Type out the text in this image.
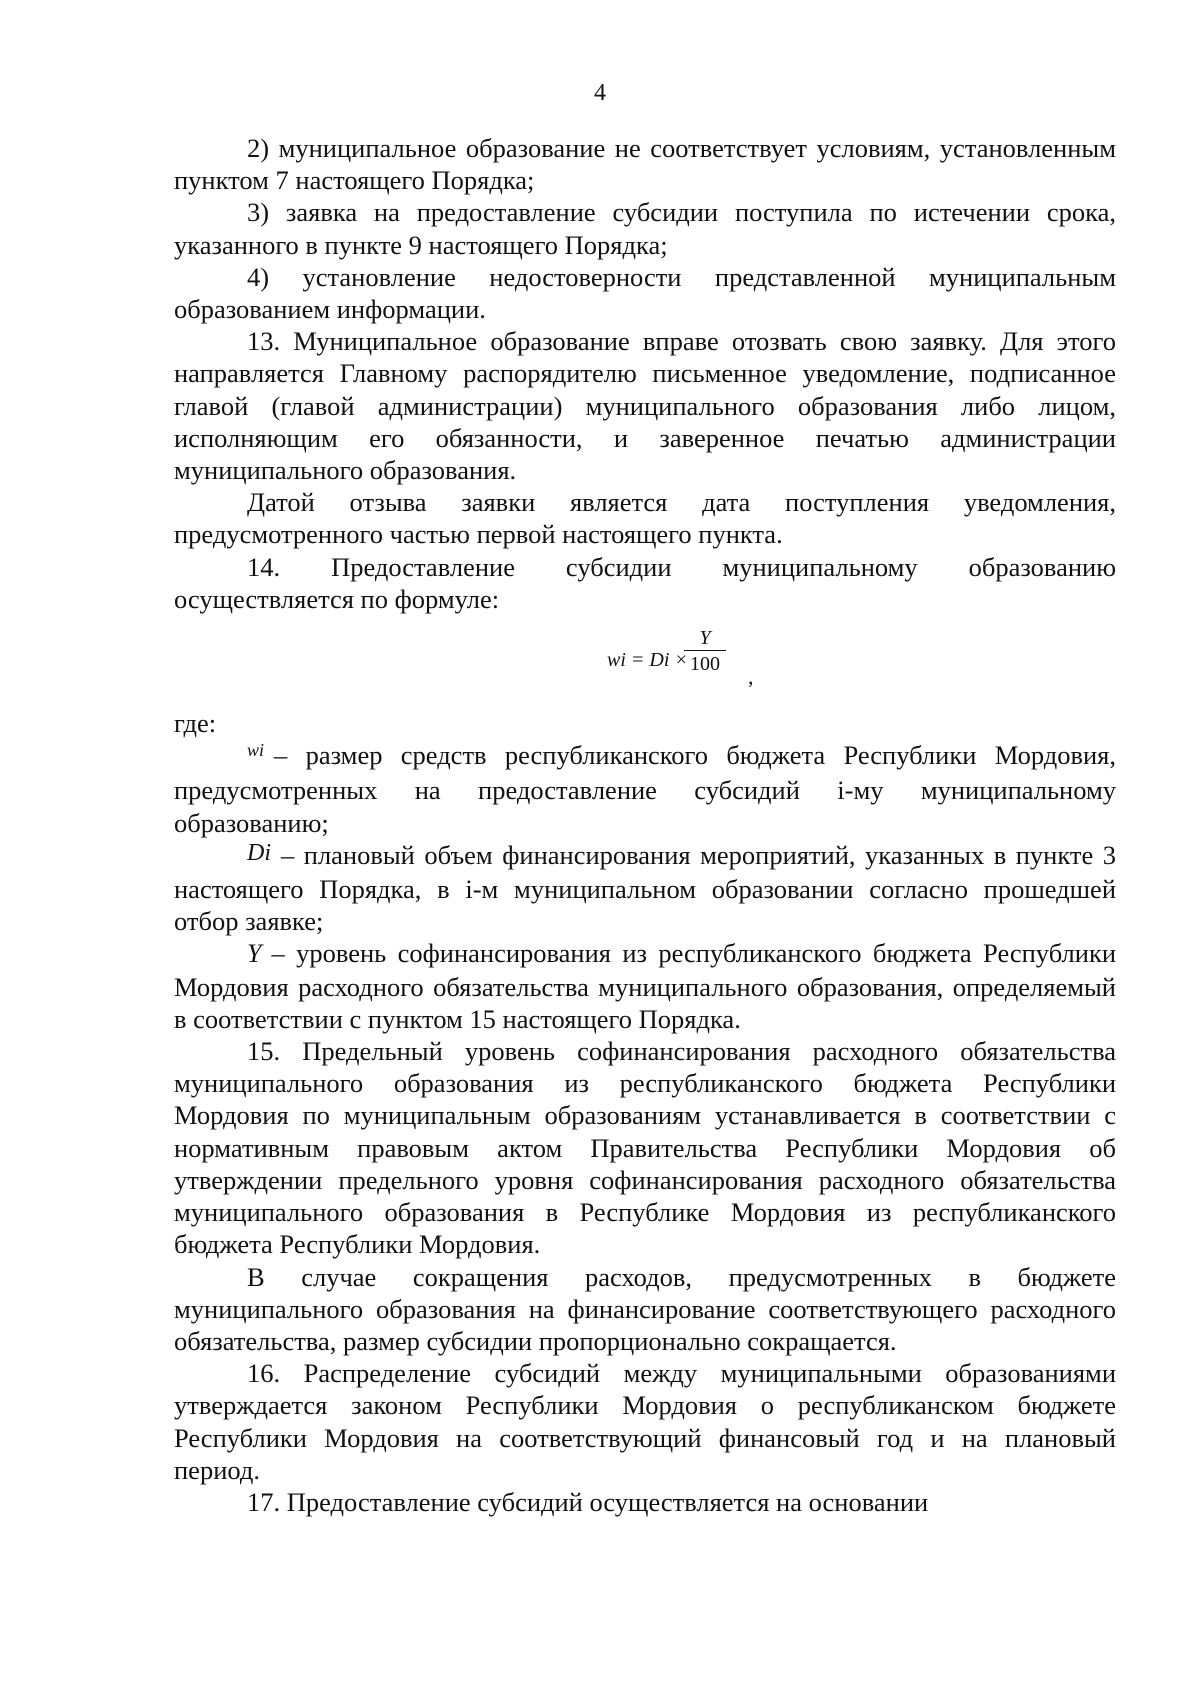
4

2) муниципальное образование не соответствует условиям, установленным пунктом 7 настоящего Порядка;

3) заявка на предоставление субсидии поступила по истечении срока, указанного в пункте 9 настоящего Порядка;

4) установление недостоверности представленной муниципальным образованием информации.

13. Муниципальное образование вправе отозвать свою заявку. Для этого направляется Главному распорядителю письменное уведомление, подписанное главой (главой администрации) муниципального образования либо лицом, исполняющим его обязанности, и заверенное печатью администрации муниципального образования.

Датой отзыва заявки является дата поступления уведомления, предусмотренного частью первой настоящего пункта.

14. Предоставление субсидии муниципальному образованию осуществляется по формуле:

wi = Di ×
Y
100 ,

где:

$^{wi}$ – размер средств республиканского бюджета Республики Мордовия, предусмотренных на предоставление субсидий i-му муниципальному образованию;

Di – плановый объем финансирования мероприятий, указанных в пункте 3 настоящего Порядка, в i-м муниципальном образовании согласно прошедшей отбор заявке;

Y – уровень софинансирования из республиканского бюджета Республики Мордовия расходного обязательства муниципального образования, определяемый в соответствии с пунктом 15 настоящего Порядка.

15. Предельный уровень софинансирования расходного обязательства муниципального образования из республиканского бюджета Республики Мордовия по муниципальным образованиям устанавливается в соответствии с нормативным правовым актом Правительства Республики Мордовия об утверждении предельного уровня софинансирования расходного обязательства муниципального образования в Республике Мордовия из республиканского бюджета Республики Мордовия.

В случае сокращения расходов, предусмотренных в бюджете муниципального образования на финансирование соответствующего расходного обязательства, размер субсидии пропорционально сокращается.

16. Распределение субсидий между муниципальными образованиями утверждается законом Республики Мордовия о республиканском бюджете Республики Мордовия на соответствующий финансовый год и на плановый период.

17. Предоставление субсидий осуществляется на основании
